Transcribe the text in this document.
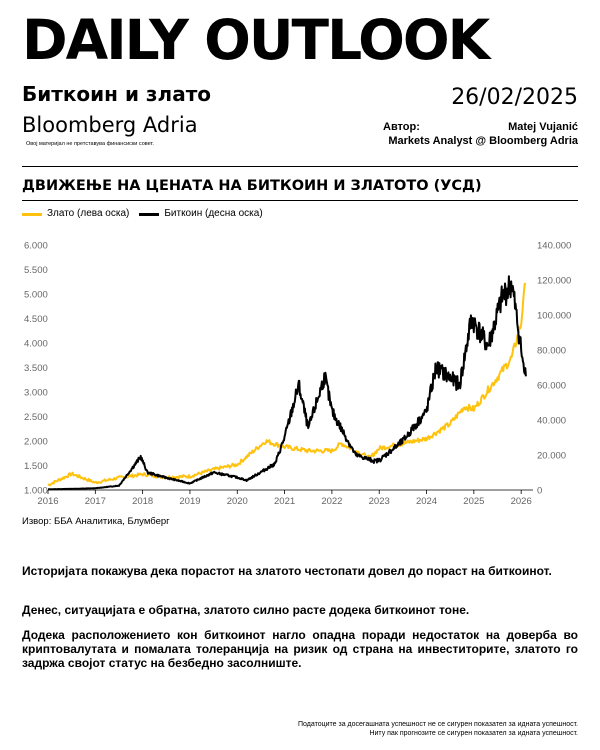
DAILY OUTLOOK
Биткоин и злато	26/02/2025
Bloomberg Adria
Овој материјал не претставува финансиски совет.
Автор:	Matej Vujanić
Markets Analyst @ Bloomberg Adria
ДВИЖЕЊЕ НА ЦЕНАТА НА БИТКОИН И ЗЛАТОТО (УСД)
Злато (лева оска)	Биткоин (десна оска)
1.000
1.500
2.000
2.500
3.000
3.500
4.000
4.500
5.000
5.500
6.000
0
20.000
40.000
60.000
80.000
100.000
120.000
140.000
2016	2017	2018	2019	2020	2021	2022	2023	2024	2025	2026
Извор: ББА Аналитика, Блумберг
Историјата покажува дека порастот на златото честопати довел до пораст на биткоинот.
Денес, ситуацијата е обратна, златото силно расте додека биткоинот тоне.
Додека расположението кон биткоинот нагло опадна поради недостаток на доверба во криптовалутата и помалата толеранција на ризик од страна на инвеститорите, златото го задржа својот статус на безбедно засолниште.
Податоците за досегашната успешност не се сигурен показател за идната успешност.
Ниту пак прогнозите се сигурен показател за идната успешност.
